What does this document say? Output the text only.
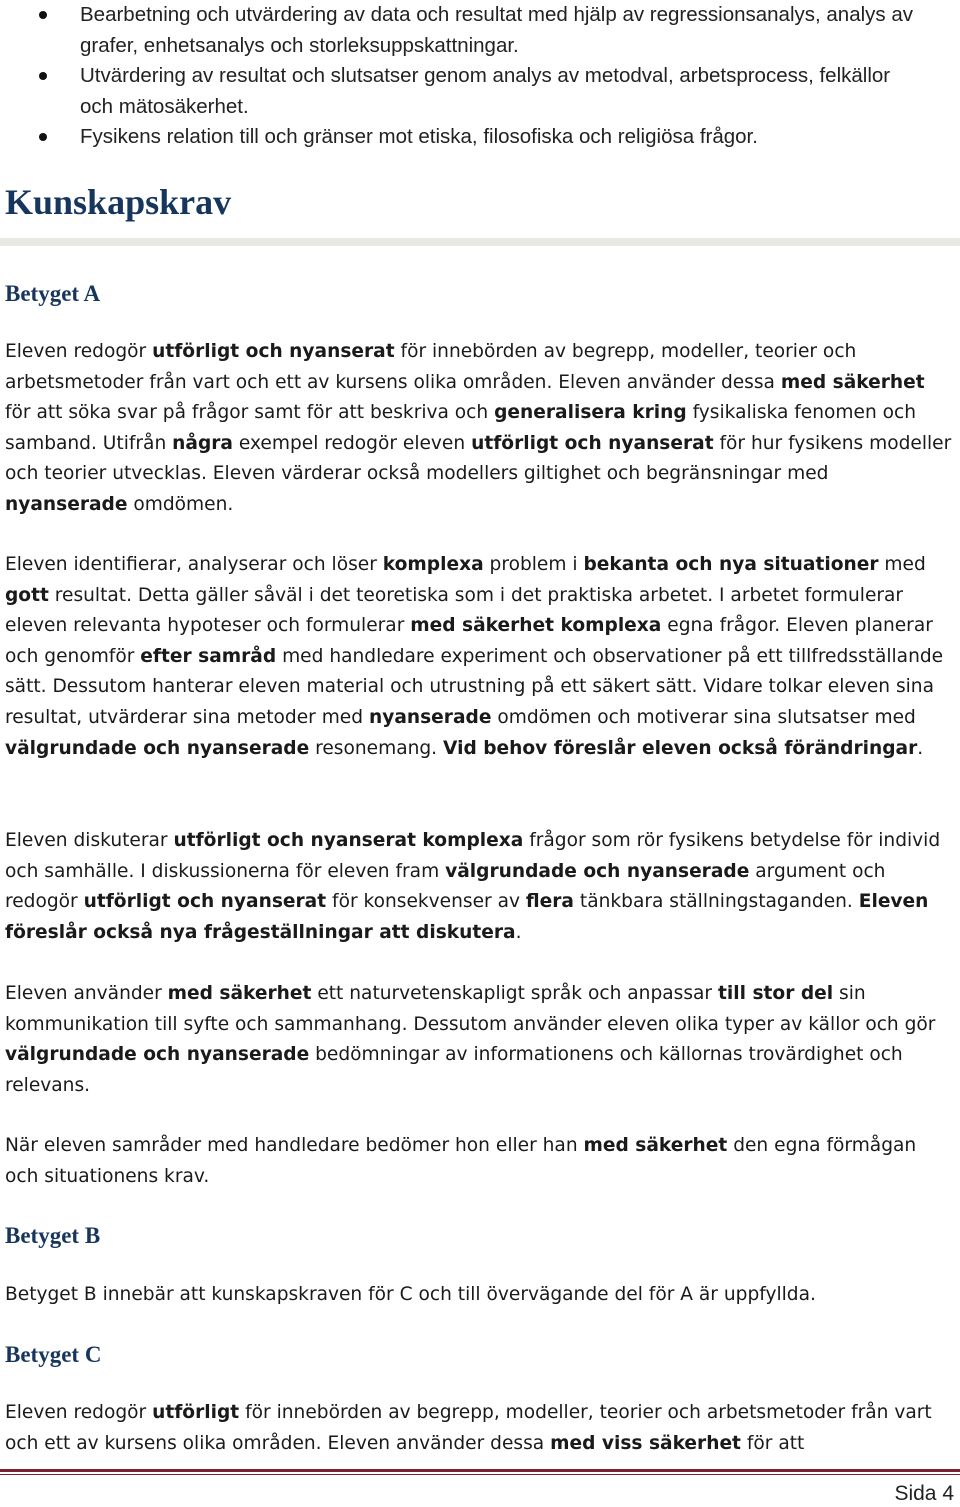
Bearbetning och utvärdering av data och resultat med hjälp av regressionsanalys, analys av grafer, enhetsanalys och storleksuppskattningar.
Utvärdering av resultat och slutsatser genom analys av metodval, arbetsprocess, felkällor och mätosäkerhet.
Fysikens relation till och gränser mot etiska, filosofiska och religiösa frågor.
Kunskapskrav
Betyget A

Eleven redogör utförligt och nyanserat för innebörden av begrepp, modeller, teorier och arbetsmetoder från vart och ett av kursens olika områden. Eleven använder dessa med säkerhet för att söka svar på frågor samt för att beskriva och generalisera kring fysikaliska fenomen och samband. Utifrån några exempel redogör eleven utförligt och nyanserat för hur fysikens modeller och teorier utvecklas. Eleven värderar också modellers giltighet och begränsningar med nyanserade omdömen.

Eleven identifierar, analyserar och löser komplexa problem i bekanta och nya situationer med gott resultat. Detta gäller såväl i det teoretiska som i det praktiska arbetet. I arbetet formulerar eleven relevanta hypoteser och formulerar med säkerhet komplexa egna frågor. Eleven planerar och genomför efter samråd med handledare experiment och observationer på ett tillfredsställande sätt. Dessutom hanterar eleven material och utrustning på ett säkert sätt. Vidare tolkar eleven sina resultat, utvärderar sina metoder med nyanserade omdömen och motiverar sina slutsatser med välgrundade och nyanserade resonemang. Vid behov föreslår eleven också förändringar.

Eleven diskuterar utförligt och nyanserat komplexa frågor som rör fysikens betydelse för individ och samhälle. I diskussionerna för eleven fram välgrundade och nyanserade argument och redogör utförligt och nyanserat för konsekvenser av flera tänkbara ställningstaganden. Eleven föreslår också nya frågeställningar att diskutera.

Eleven använder med säkerhet ett naturvetenskapligt språk och anpassar till stor del sin kommunikation till syfte och sammanhang. Dessutom använder eleven olika typer av källor och gör välgrundade och nyanserade bedömningar av informationens och källornas trovärdighet och relevans.

När eleven samråder med handledare bedömer hon eller han med säkerhet den egna förmågan och situationens krav.

Betyget B

Betyget B innebär att kunskapskraven för C och till övervägande del för A är uppfyllda.

Betyget C

Eleven redogör utförligt för innebörden av begrepp, modeller, teorier och arbetsmetoder från vart och ett av kursens olika områden. Eleven använder dessa med viss säkerhet för att

Sida 4
